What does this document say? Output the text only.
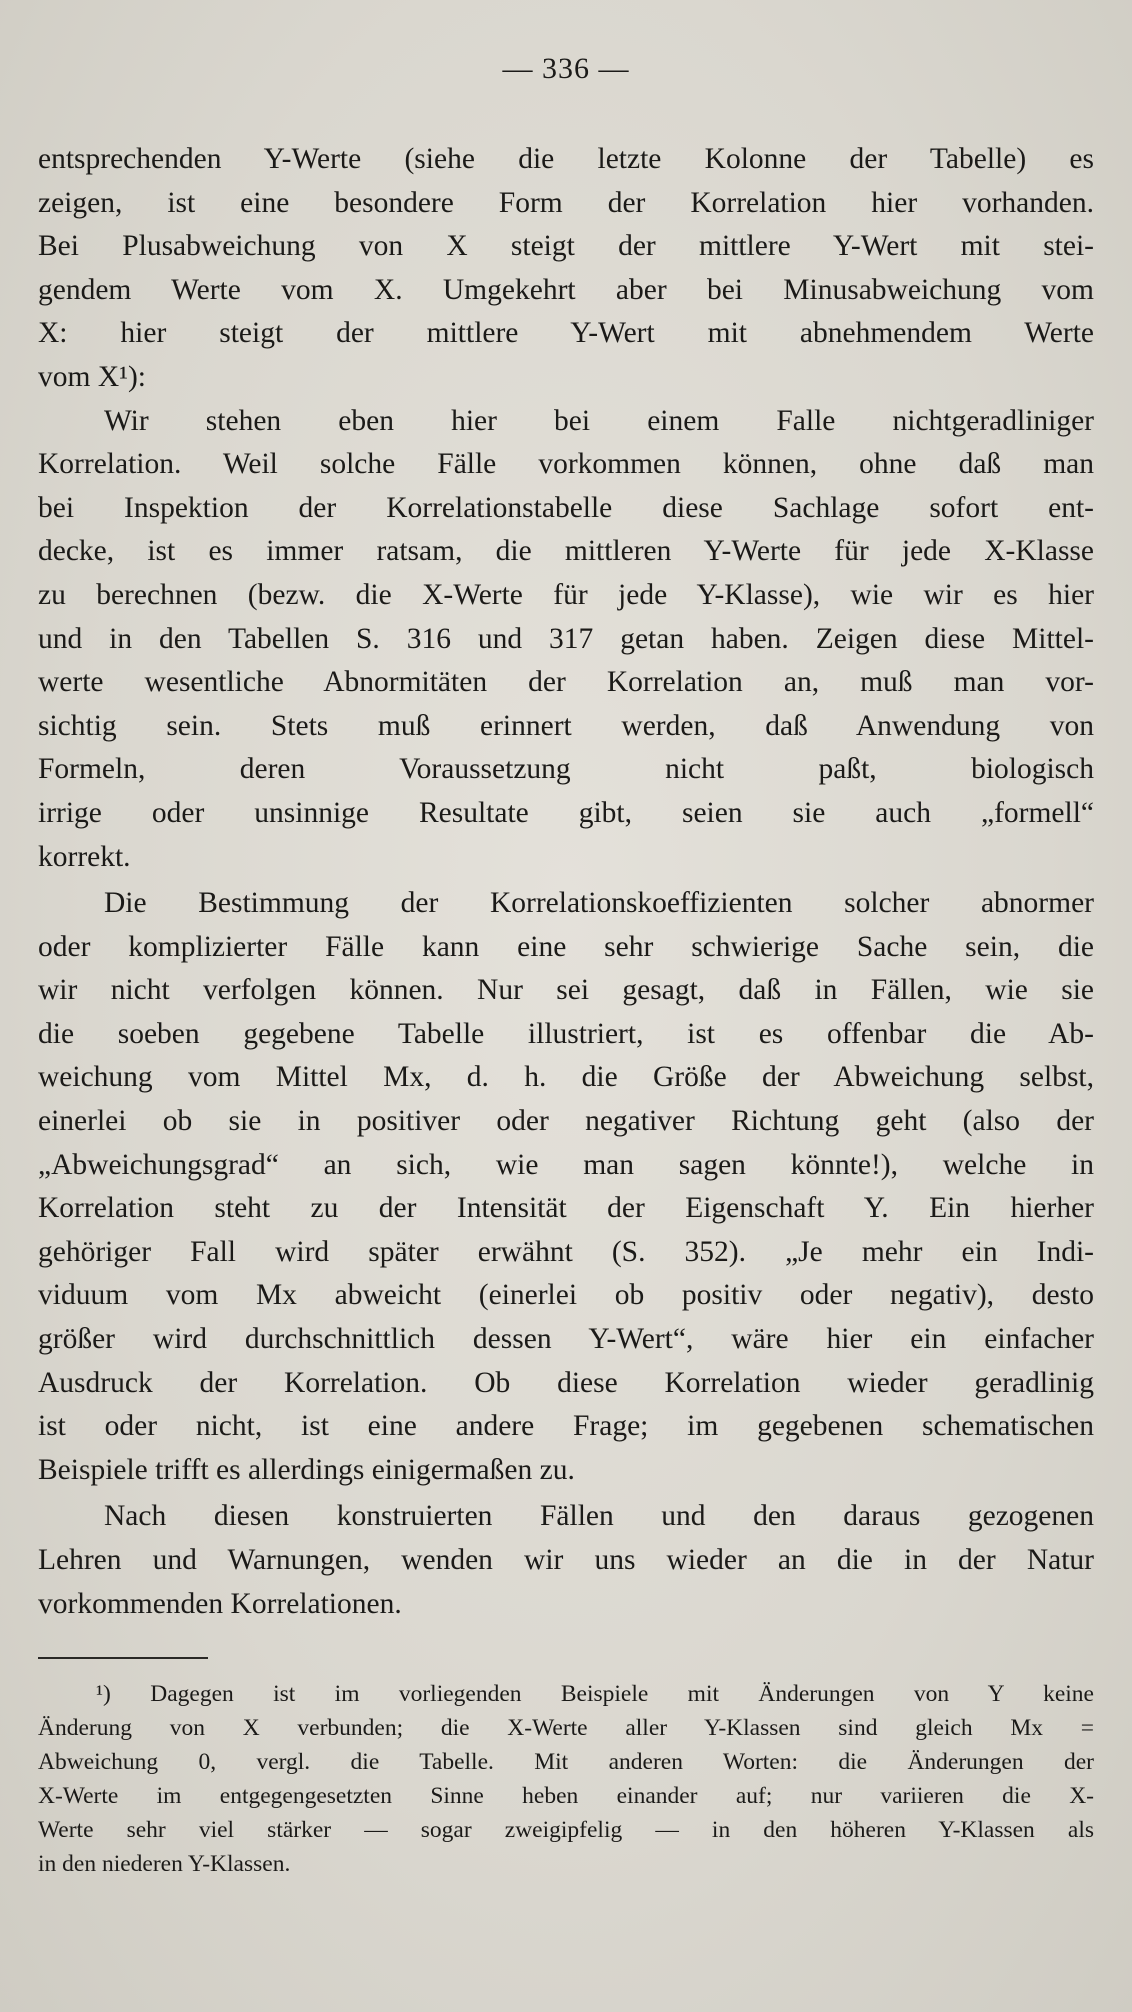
— 336 —
entsprechenden Y-Werte (siehe die letzte Kolonne der Tabelle) es
zeigen, ist eine besondere Form der Korrelation hier vorhanden.
Bei Plusabweichung von X steigt der mittlere Y-Wert mit stei-
gendem Werte vom X. Umgekehrt aber bei Minusabweichung vom
X: hier steigt der mittlere Y-Wert mit abnehmendem Werte
vom X¹):
Wir stehen eben hier bei einem Falle nichtgeradliniger
Korrelation. Weil solche Fälle vorkommen können, ohne daß man
bei Inspektion der Korrelationstabelle diese Sachlage sofort ent-
decke, ist es immer ratsam, die mittleren Y-Werte für jede X-Klasse
zu berechnen (bezw. die X-Werte für jede Y-Klasse), wie wir es hier
und in den Tabellen S. 316 und 317 getan haben. Zeigen diese Mittel-
werte wesentliche Abnormitäten der Korrelation an, muß man vor-
sichtig sein. Stets muß erinnert werden, daß Anwendung von
Formeln, deren Voraussetzung nicht paßt, biologisch
irrige oder unsinnige Resultate gibt, seien sie auch „formell“
korrekt.
Die Bestimmung der Korrelationskoeffizienten solcher abnormer
oder komplizierter Fälle kann eine sehr schwierige Sache sein, die
wir nicht verfolgen können. Nur sei gesagt, daß in Fällen, wie sie
die soeben gegebene Tabelle illustriert, ist es offenbar die Ab-
weichung vom Mittel Mx, d. h. die Größe der Abweichung selbst,
einerlei ob sie in positiver oder negativer Richtung geht (also der
„Abweichungsgrad“ an sich, wie man sagen könnte!), welche in
Korrelation steht zu der Intensität der Eigenschaft Y. Ein hierher
gehöriger Fall wird später erwähnt (S. 352). „Je mehr ein Indi-
viduum vom Mx abweicht (einerlei ob positiv oder negativ), desto
größer wird durchschnittlich dessen Y-Wert“, wäre hier ein einfacher
Ausdruck der Korrelation. Ob diese Korrelation wieder geradlinig
ist oder nicht, ist eine andere Frage; im gegebenen schematischen
Beispiele trifft es allerdings einigermaßen zu.
Nach diesen konstruierten Fällen und den daraus gezogenen
Lehren und Warnungen, wenden wir uns wieder an die in der Natur
vorkommenden Korrelationen.
¹) Dagegen ist im vorliegenden Beispiele mit Änderungen von Y keine
Änderung von X verbunden; die X-Werte aller Y-Klassen sind gleich Mx =
Abweichung 0, vergl. die Tabelle. Mit anderen Worten: die Änderungen der
X-Werte im entgegengesetzten Sinne heben einander auf; nur variieren die X-
Werte sehr viel stärker — sogar zweigipfelig — in den höheren Y-Klassen als
in den niederen Y-Klassen.
